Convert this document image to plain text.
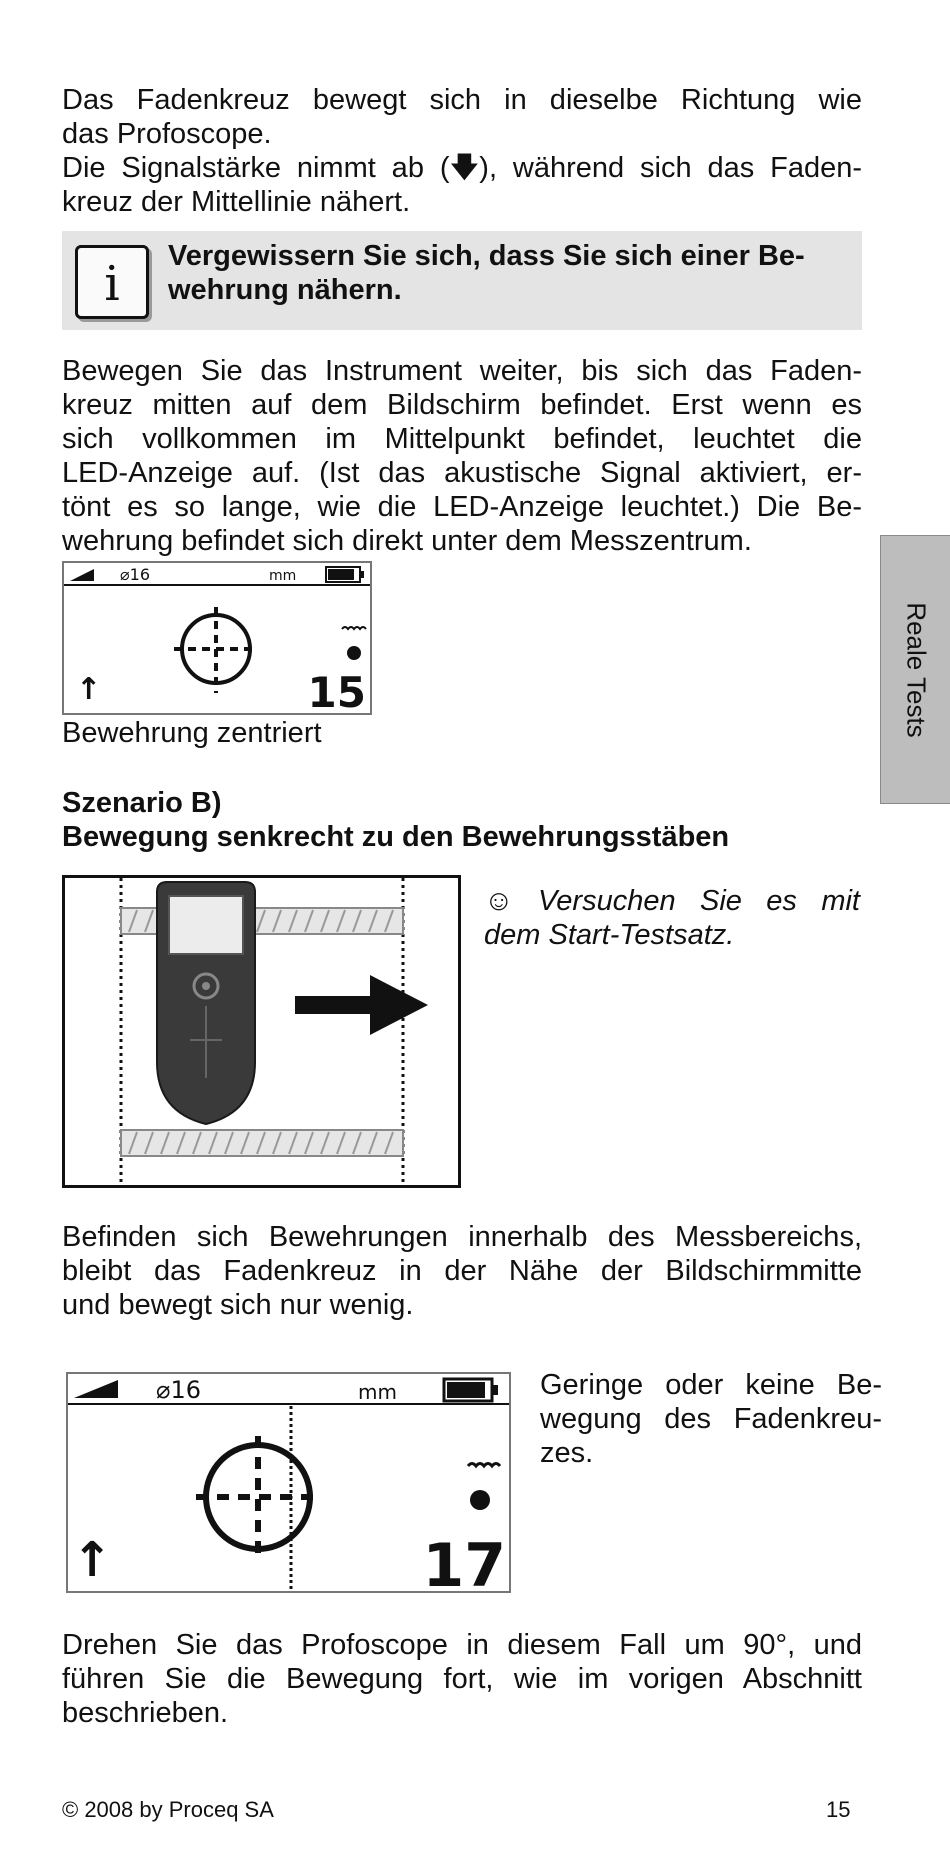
Das Fadenkreuz bewegt sich in dieselbe Richtung wie
das Profoscope.
Die Signalstärke nimmt ab (🡇), während sich das Faden-
kreuz der Mittellinie nähert.

i Vergewissern Sie sich, dass Sie sich einer Be-
wehrung nähern.

Bewegen Sie das Instrument weiter, bis sich das Faden-
kreuz mitten auf dem Bildschirm befindet. Erst wenn es
sich vollkommen im Mittelpunkt befindet, leuchtet die
LED-Anzeige auf. (Ist das akustische Signal aktiviert, er-
tönt es so lange, wie die LED-Anzeige leuchtet.) Die Be-
wehrung befindet sich direkt unter dem Messzentrum.

⌀16	mm
↑	15
Bewehrung zentriert	Reale Tests
Szenario B)
Bewegung senkrecht zu den Bewehrungsstäben
☺ Versuchen Sie es mit
dem Start-Testsatz.

Befinden sich Bewehrungen innerhalb des Messbereichs,
bleibt das Fadenkreuz in der Nähe der Bildschirmmitte
und bewegt sich nur wenig.

⌀16	mm
↑	17
Geringe oder keine Be-
wegung des Fadenkreu-
zes.

Drehen Sie das Profoscope in diesem Fall um 90°, und
führen Sie die Bewegung fort, wie im vorigen Abschnitt
beschrieben.

© 2008 by Proceq SA	15
